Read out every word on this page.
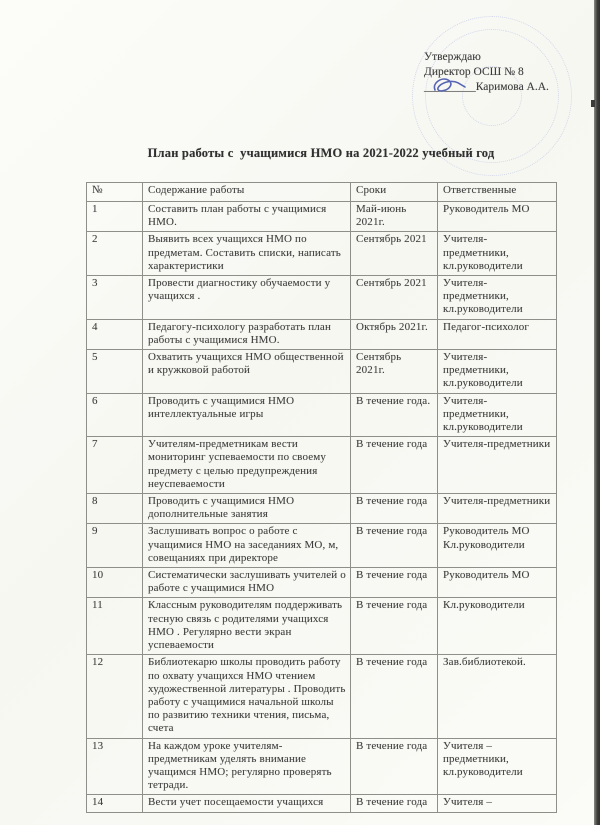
Утверждаю
Директор ОСШ № 8
_________Каримова А.А.
План работы с  учащимися НМО на 2021-2022 учебный год
№	Содержание работы	Сроки	Ответственные
1	Составить план работы с учащимися НМО.	Май-июнь 2021г.	Руководитель МО
2	Выявить всех учащихся НМО по предметам. Составить списки, написать характеристики	Сентябрь 2021	Учителя-предметники, кл.руководители
3	Провести диагностику обучаемости у учащихся .	Сентябрь 2021	Учителя-предметники, кл.руководители
4	Педагогу-психологу разработать план работы с учащимися НМО.	Октябрь 2021г.	Педагог-психолог
5	Охватить учащихся НМО общественной и кружковой работой	Сентябрь 2021г.	Учителя-предметники, кл.руководители
6	Проводить с учащимися НМО интеллектуальные игры	В течение года.	Учителя-предметники, кл.руководители
7	Учителям-предметникам вести мониторинг успеваемости по своему предмету с целью предупреждения неуспеваемости	В течение года	Учителя-предметники
8	Проводить с учащимися НМО дополнительные занятия	В течение года	Учителя-предметники
9	Заслушивать вопрос о работе с учащимися НМО на заседаниях МО, м, совещаниях при директоре	В течение года	Руководитель МО Кл.руководители
10	Систематически заслушивать учителей о работе с учащимися НМО	В течение года	Руководитель МО
11	Классным руководителям поддерживать тесную связь с родителями учащихся НМО . Регулярно вести экран успеваемости	В течение года	Кл.руководители
12	Библиотекарю школы проводить работу по охвату учащихся НМО чтением художественной литературы . Проводить работу с учащимися начальной школы по развитию техники чтения, письма, счета	В течение года	Зав.библиотекой.
13	На каждом уроке учителям-предметникам уделять внимание учащимся НМО; регулярно проверять тетради.	В течение года	Учителя – предметники, кл.руководители
14	Вести учет посещаемости учащихся	В течение года	Учителя –
